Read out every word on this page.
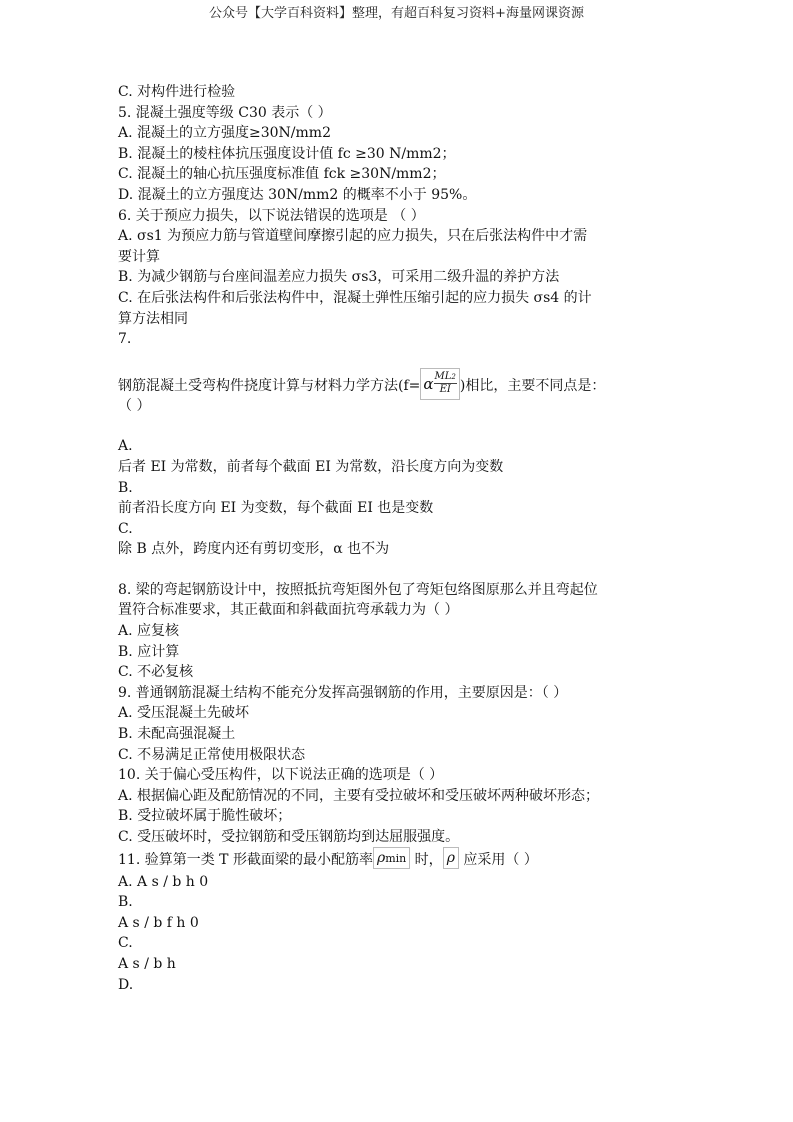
公众号【大学百科资料】整理，有超百科复习资料+海量网课资源
C. 对构件进行检验
5. 混凝土强度等级 C30 表示（ ）
A. 混凝土的立方强度≥30N/mm2
B. 混凝土的棱柱体抗压强度设计值 fc ≥30 N/mm2；
C. 混凝土的轴心抗压强度标准值 fck ≥30N/mm2；
D. 混凝土的立方强度达 30N/mm2 的概率不小于 95%。
6. 关于预应力损失，以下说法错误的选项是 （ ）
A. σs1 为预应力筋与管道壁间摩擦引起的应力损失，只在后张法构件中才需
要计算
B. 为减少钢筋与台座间温差应力损失 σs3，可采用二级升温的养护方法
C. 在后张法构件和后张法构件中，混凝土弹性压缩引起的应力损失 σs4 的计
算方法相同
7.
钢筋混凝土受弯构件挠度计算与材料力学方法(f= α $\frac{ML^2}{EI}$ )相比，主要不同点是：
（ ）
A.
后者 EI 为常数，前者每个截面 EI 为常数，沿长度方向为变数
B.
前者沿长度方向 EI 为变数，每个截面 EI 也是变数
C.
除 B 点外，跨度内还有剪切变形，α 也不为
8. 梁的弯起钢筋设计中，按照抵抗弯矩图外包了弯矩包络图原那么并且弯起位
置符合标准要求，其正截面和斜截面抗弯承载力为（ ）
A. 应复核
B. 应计算
C. 不必复核
9. 普通钢筋混凝土结构不能充分发挥高强钢筋的作用，主要原因是：（ ）
A. 受压混凝土先破坏
B. 未配高强混凝土
C. 不易满足正常使用极限状态
10. 关于偏心受压构件，以下说法正确的选项是（ ）
A. 根据偏心距及配筋情况的不同，主要有受拉破坏和受压破坏两种破坏形态；
B. 受拉破坏属于脆性破坏；
C. 受压破坏时，受拉钢筋和受压钢筋均到达屈服强度。
11. 验算第一类 T 形截面梁的最小配筋率 ρmin 时， ρ 应采用（ ）
A. A s / b h 0
B.
A s / b f h 0
C.
A s / b h
D.
